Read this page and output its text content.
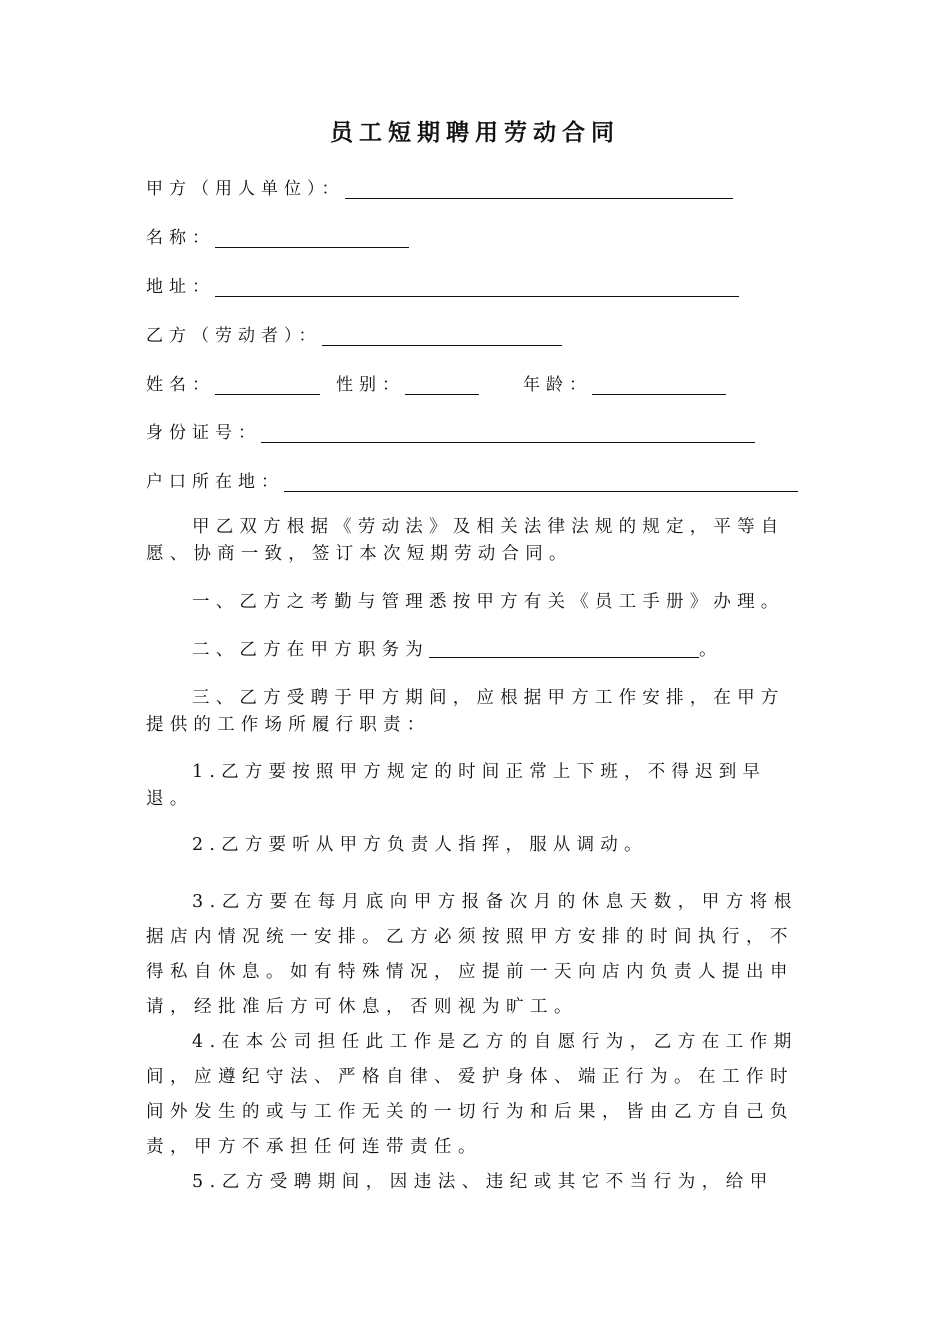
员工短期聘用劳动合同
甲方（用人单位）：
名称：
地址：
乙方（劳动者）：
姓名：	性别：	年龄：
身份证号：
户口所在地：

甲乙双方根据《劳动法》及相关法律法规的规定，平等自愿、协商一致，签订本次短期劳动合同。

一、乙方之考勤与管理悉按甲方有关《员工手册》办理。

二、乙方在甲方职务为	。

三、乙方受聘于甲方期间，应根据甲方工作安排，在甲方提供的工作场所履行职责：

1.乙方要按照甲方规定的时间正常上下班，不得迟到早退。

2.乙方要听从甲方负责人指挥，服从调动。

3.乙方要在每月底向甲方报备次月的休息天数，甲方将根据店内情况统一安排。乙方必须按照甲方安排的时间执行，不得私自休息。如有特殊情况，应提前一天向店内负责人提出申请，经批准后方可休息，否则视为旷工。

4.在本公司担任此工作是乙方的自愿行为，乙方在工作期间，应遵纪守法、严格自律、爱护身体、端正行为。在工作时间外发生的或与工作无关的一切行为和后果，皆由乙方自己负责，甲方不承担任何连带责任。

5.乙方受聘期间，因违法、违纪或其它不当行为，给甲
